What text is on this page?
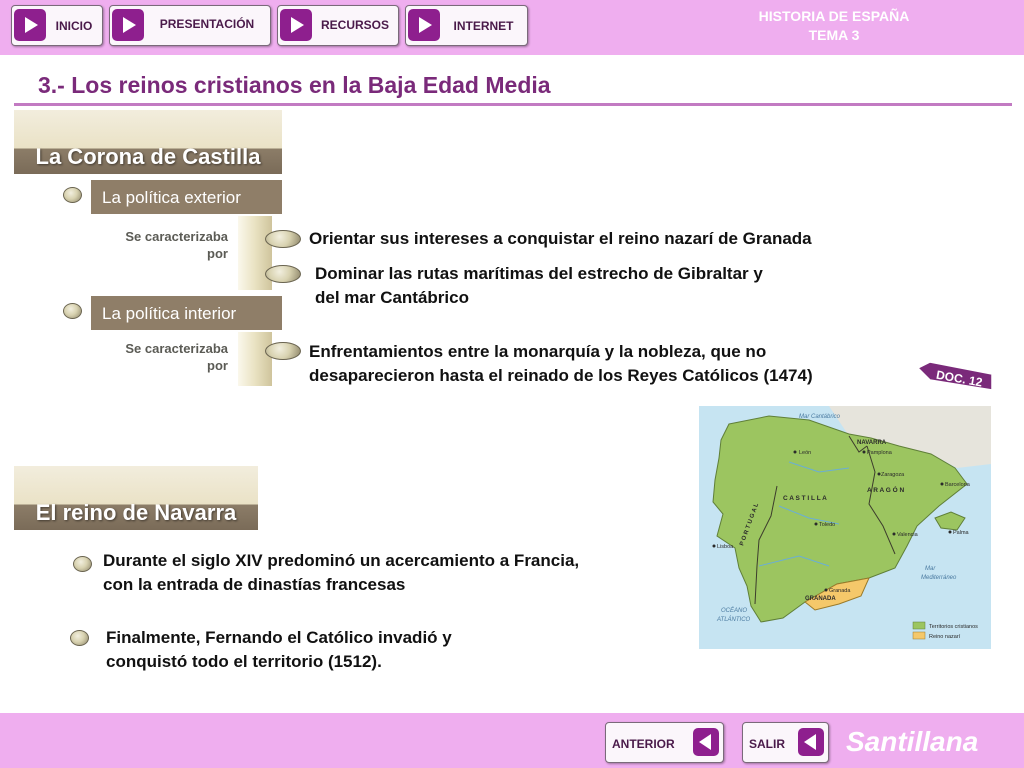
INICIO	PRESENTACIÓN	RECURSOS	INTERNET
HISTORIA DE ESPAÑA
TEMA 3
3.- Los reinos cristianos en la Baja Edad Media
La Corona de Castilla
La política exterior
Se caracterizaba
por
Orientar sus intereses a conquistar el reino nazarí de Granada
Dominar las rutas marítimas del estrecho de Gibraltar y
del mar Cantábrico
La política interior
Se caracterizaba
por
Enfrentamientos entre la monarquía y la nobleza, que no
desaparecieron hasta el reinado de los Reyes Católicos (1474)	DOC. 12
Mar Cantábrico
NAVARRA
Pamplona
León
Zaragoza
A R A G Ó N
Barcelona
C A S T I L L A
P O R T U G A L	Toledo
Valencia	Palma
Lisboa
Mar
Mediterráneo
Granada
GRANADA
OCÉANO
ATLÁNTICO
Territorios cristianos
Reino nazarí
El reino de Navarra
Durante el siglo XIV predominó un acercamiento a Francia,
con la entrada de dinastías francesas
Finalmente, Fernando el Católico invadió y
conquistó todo el territorio (1512).
ANTERIOR	SALIR Santillana
